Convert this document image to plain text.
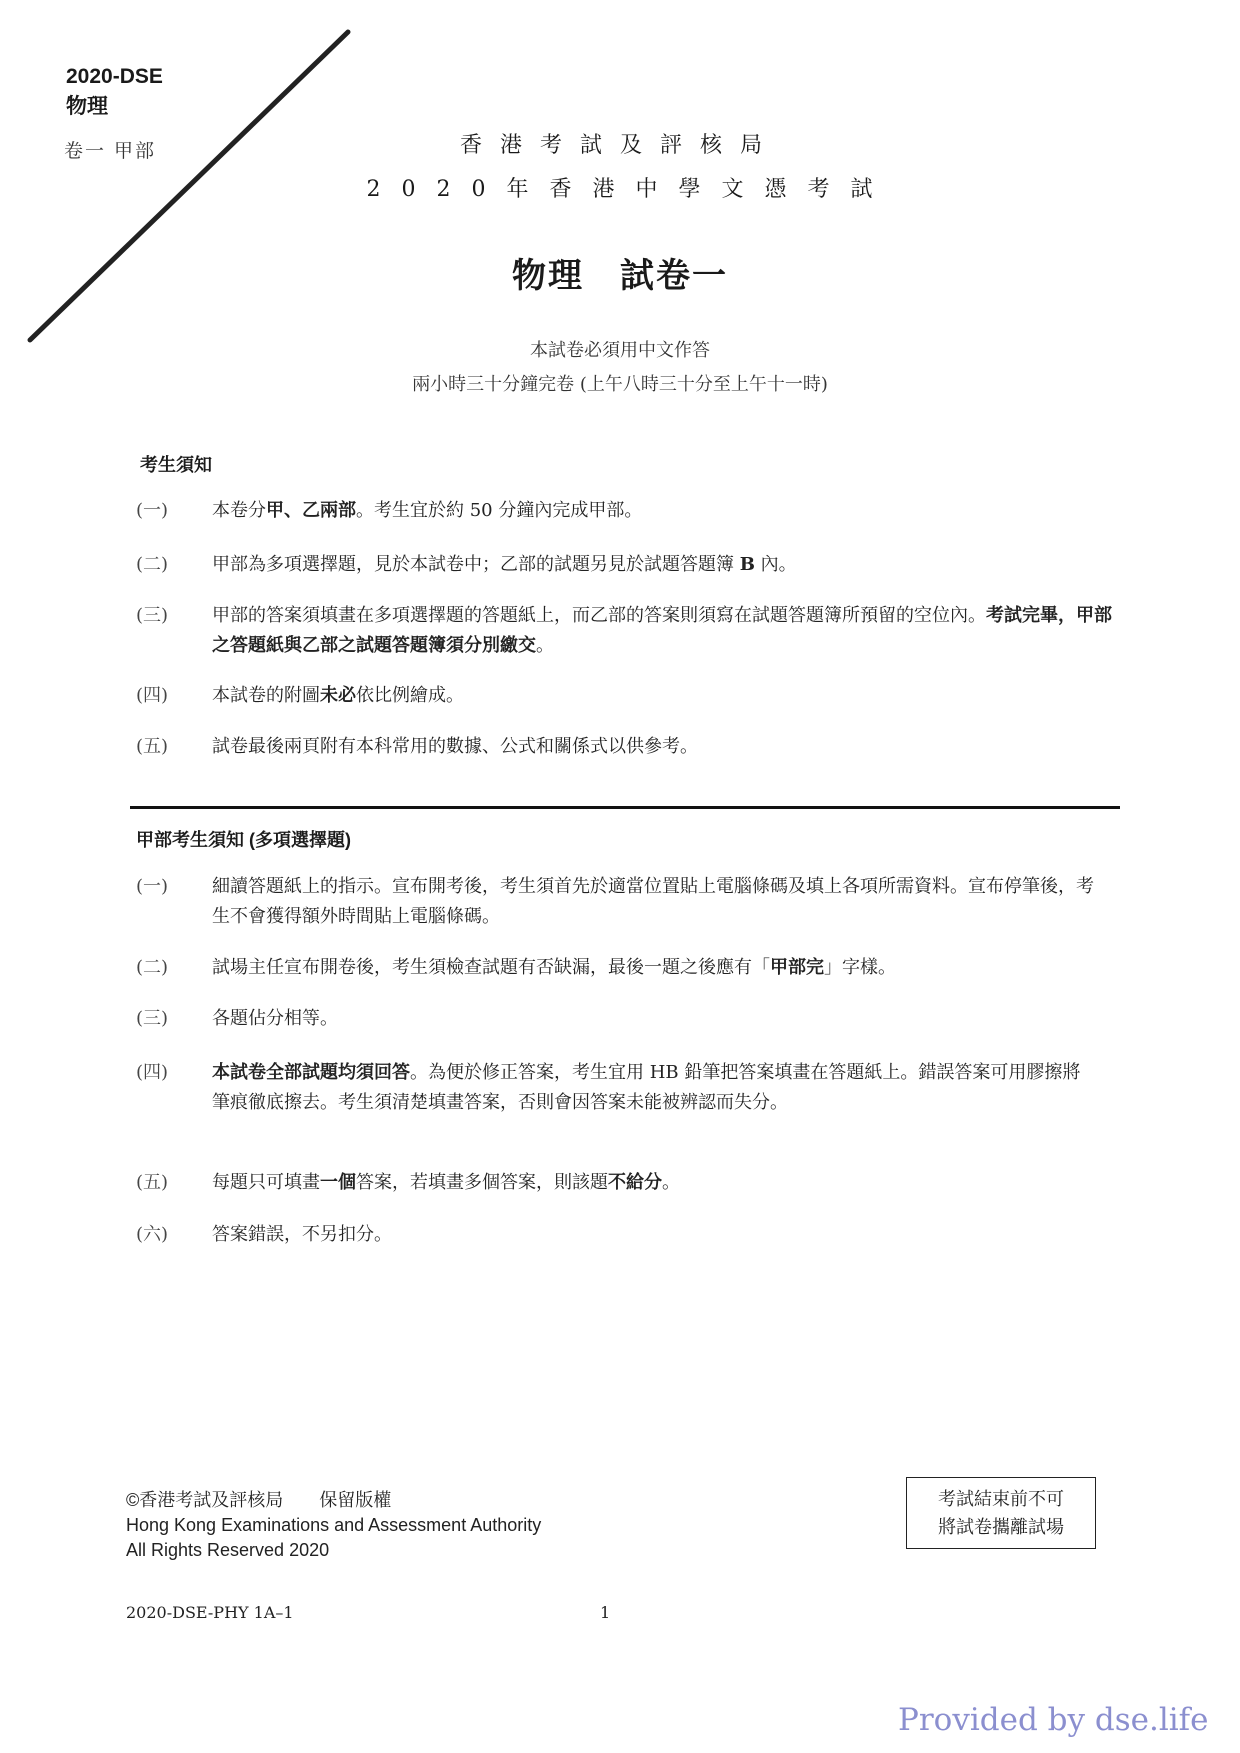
2020-DSE
物理
卷一 甲部	香港考試及評核局
2020年香港中學文憑考試
物理　試卷一
本試卷必須用中文作答
兩小時三十分鐘完卷 (上午八時三十分至上午十一時)
考生須知
(一)	本卷分甲、乙兩部。考生宜於約 50 分鐘內完成甲部。
(二)	甲部為多項選擇題，見於本試卷中；乙部的試題另見於試題答題簿 B 內。
(三)	甲部的答案須填畫在多項選擇題的答題紙上，而乙部的答案則須寫在試題答題簿所預留的空位內。考試完畢，甲部之答題紙與乙部之試題答題簿須分別繳交。
(四)	本試卷的附圖未必依比例繪成。
(五)	試卷最後兩頁附有本科常用的數據、公式和關係式以供參考。
甲部考生須知 (多項選擇題)
(一)	細讀答題紙上的指示。宣布開考後，考生須首先於適當位置貼上電腦條碼及填上各項所需資料。宣布停筆後，考生不會獲得額外時間貼上電腦條碼。
(二)	試場主任宣布開卷後，考生須檢查試題有否缺漏，最後一題之後應有「甲部完」字樣。
(三)	各題佔分相等。
(四)	本試卷全部試題均須回答。為便於修正答案，考生宜用 HB 鉛筆把答案填畫在答題紙上。錯誤答案可用膠擦將筆痕徹底擦去。考生須清楚填畫答案，否則會因答案未能被辨認而失分。
(五)	每題只可填畫一個答案，若填畫多個答案，則該題不給分。
(六)	答案錯誤，不另扣分。
©香港考試及評核局　　保留版權
Hong Kong Examinations and Assessment Authority
All Rights Reserved 2020
考試結束前不可
將試卷攜離試場
2020-DSE-PHY 1A–1	1
Provided by dse.life
